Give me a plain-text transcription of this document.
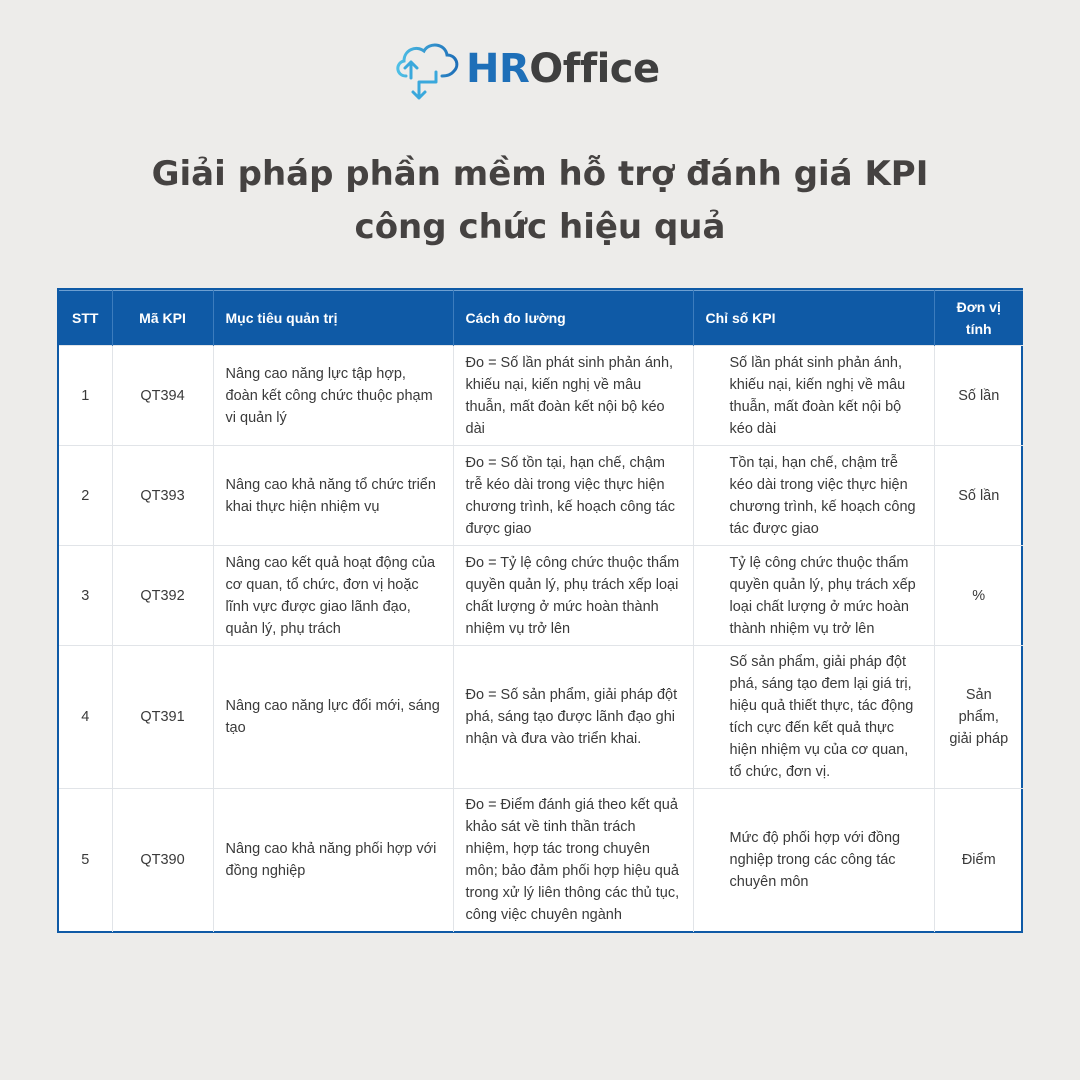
HROffice
Giải pháp phần mềm hỗ trợ đánh giá KPI
công chức hiệu quả
STT	Mã KPI	Mục tiêu quản trị	Cách đo lường	Chỉ số KPI	Đơn vị tính
1	QT394	Nâng cao năng lực tập hợp, đoàn kết công chức thuộc phạm vi quản lý	Đo = Số lần phát sinh phản ánh, khiếu nại, kiến nghị về mâu thuẫn, mất đoàn kết nội bộ kéo dài	Số lần phát sinh phản ánh, khiếu nại, kiến nghị về mâu thuẫn, mất đoàn kết nội bộ kéo dài	Số lần
2	QT393	Nâng cao khả năng tổ chức triển khai thực hiện nhiệm vụ	Đo = Số tồn tại, hạn chế, chậm trễ kéo dài trong việc thực hiện chương trình, kế hoạch công tác được giao	Tồn tại, hạn chế, chậm trễ kéo dài trong việc thực hiện chương trình, kế hoạch công tác được giao	Số lần
3	QT392	Nâng cao kết quả hoạt động của cơ quan, tổ chức, đơn vị hoặc lĩnh vực được giao lãnh đạo, quản lý, phụ trách	Đo = Tỷ lệ công chức thuộc thẩm quyền quản lý, phụ trách xếp loại chất lượng ở mức hoàn thành nhiệm vụ trở lên	Tỷ lệ công chức thuộc thẩm quyền quản lý, phụ trách xếp loại chất lượng ở mức hoàn thành nhiệm vụ trở lên	%
4	QT391	Nâng cao năng lực đổi mới, sáng tạo	Đo = Số sản phẩm, giải pháp đột phá, sáng tạo được lãnh đạo ghi nhận và đưa vào triển khai.	Số sản phẩm, giải pháp đột phá, sáng tạo đem lại giá trị, hiệu quả thiết thực, tác động tích cực đến kết quả thực hiện nhiệm vụ của cơ quan, tổ chức, đơn vị.	Sản phẩm, giải pháp
5	QT390	Nâng cao khả năng phối hợp với đồng nghiệp	Đo = Điểm đánh giá theo kết quả khảo sát về tinh thần trách nhiệm, hợp tác trong chuyên môn; bảo đảm phối hợp hiệu quả trong xử lý liên thông các thủ tục, công việc chuyên ngành	Mức độ phối hợp với đồng nghiệp trong các công tác chuyên môn	Điểm
